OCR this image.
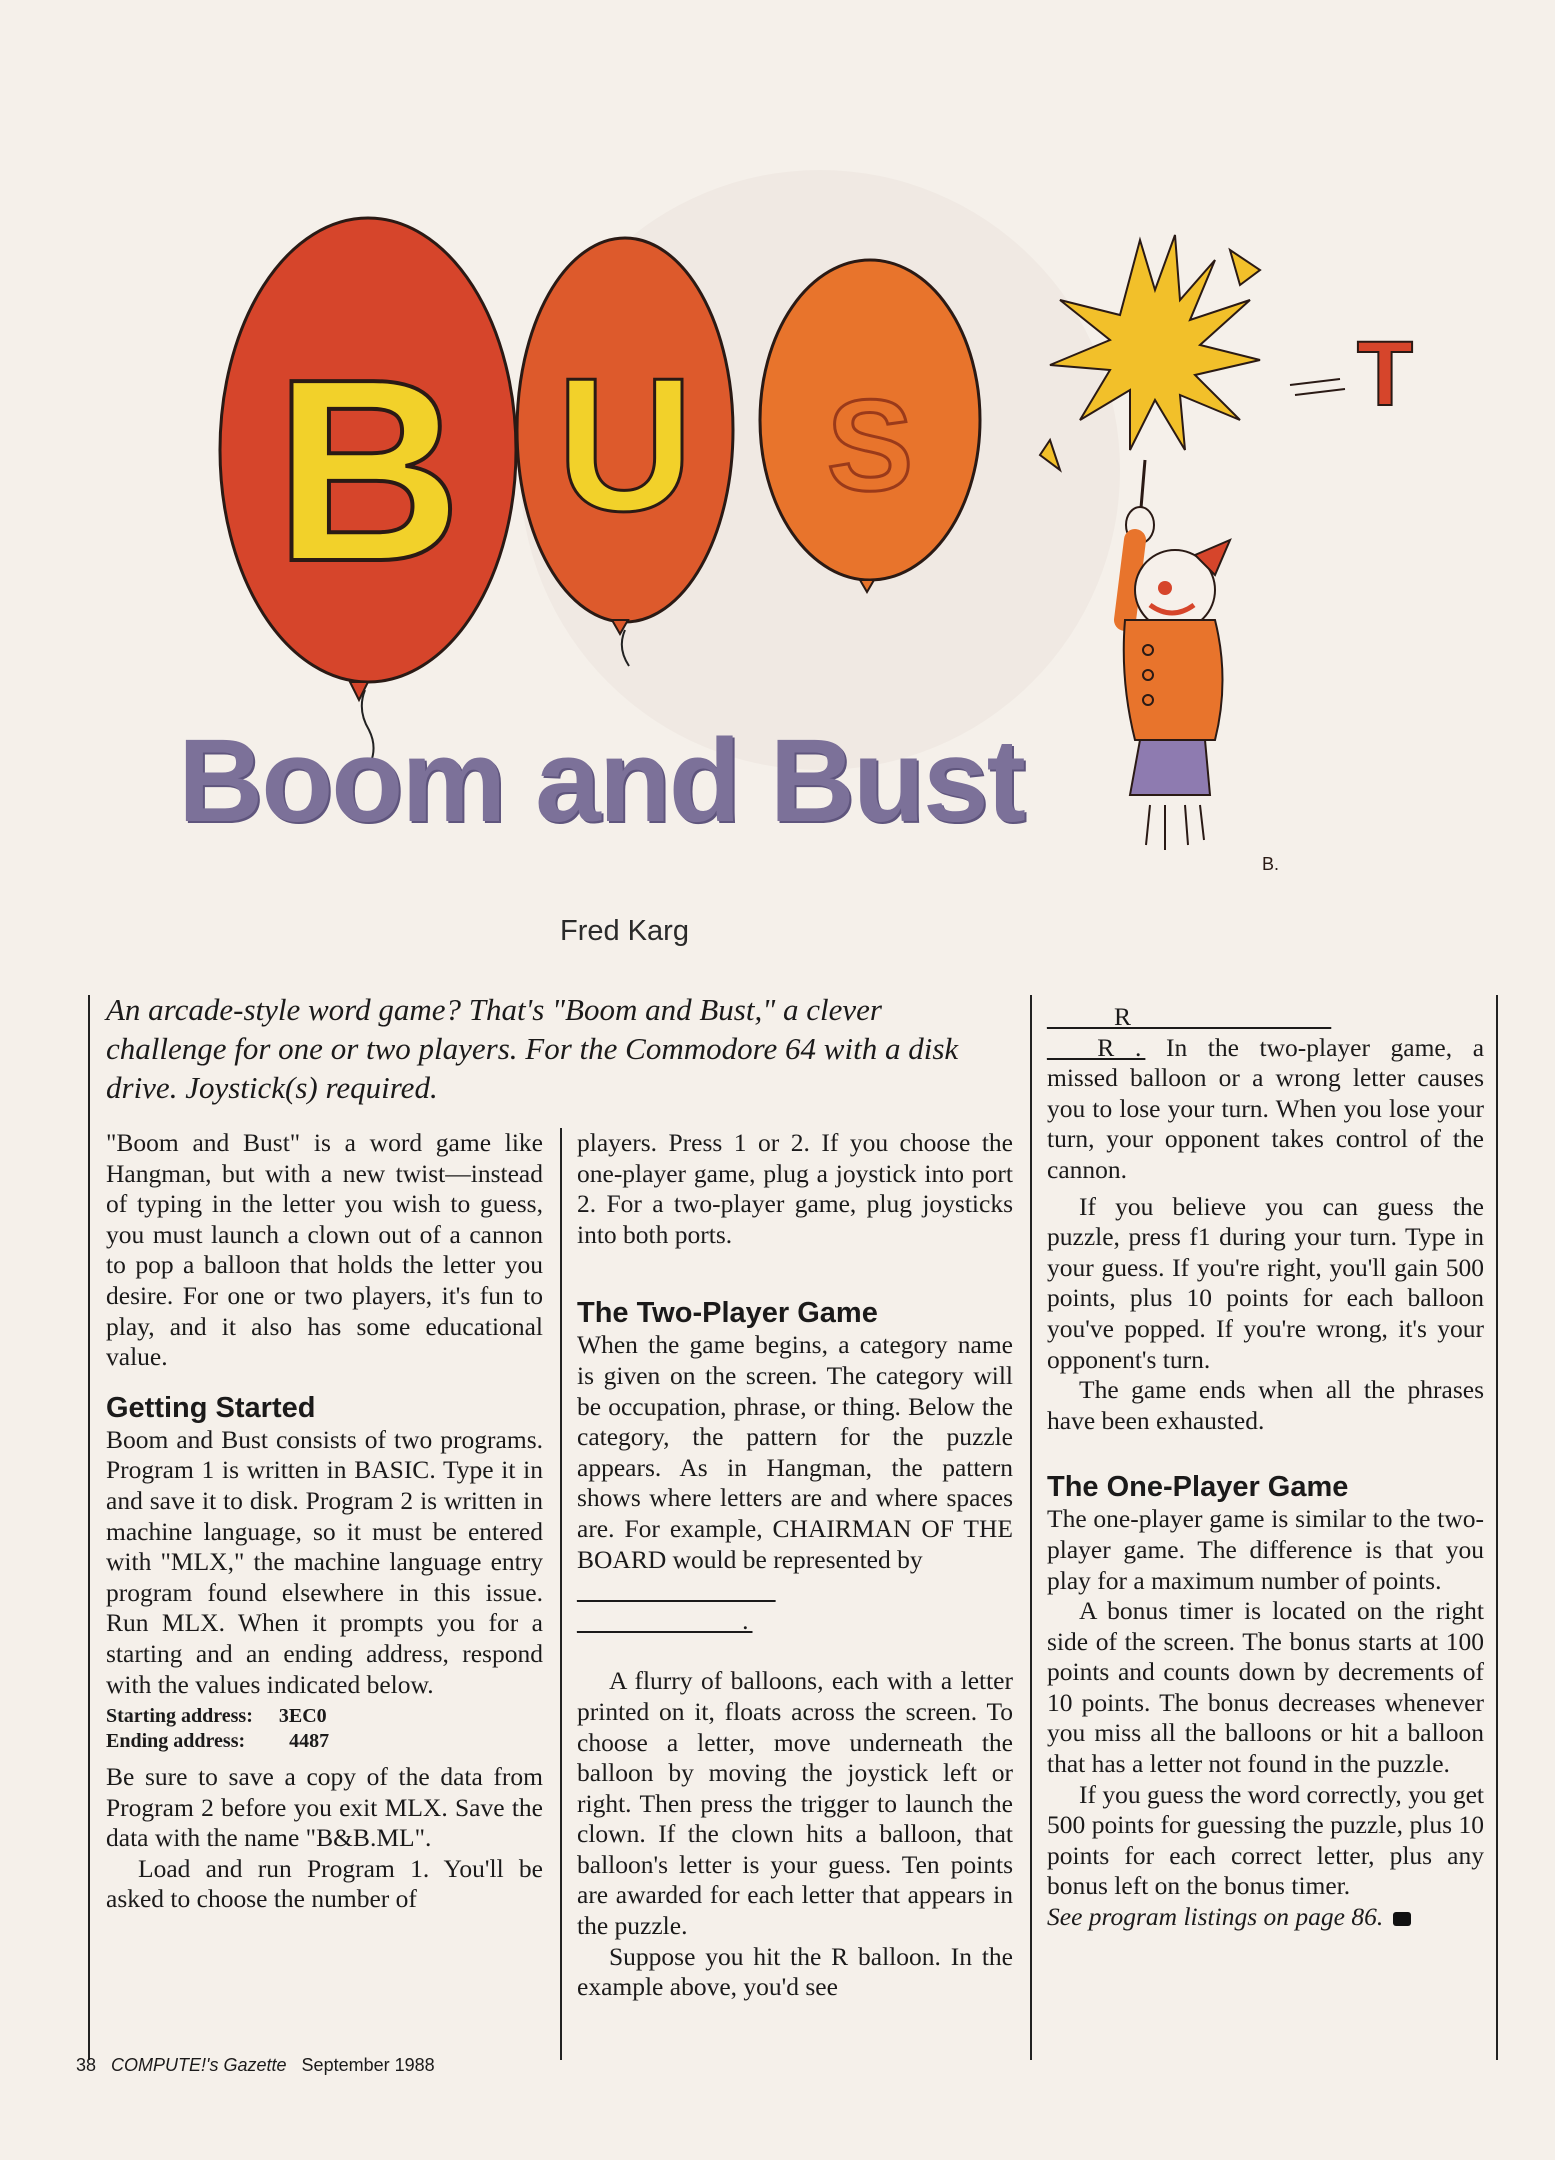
B U S	T
B.
Boom and Bust
Fred Karg
An arcade-style word game? That's "Boom and Bust," a clever challenge for one or two players. For the Commodore 64 with a disk drive. Joystick(s) required.

"Boom and Bust" is a word game like Hangman, but with a new twist—instead of typing in the letter you wish to guess, you must launch a clown out of a cannon to pop a balloon that holds the letter you desire. For one or two players, it's fun to play, and it also has some educational value.

Getting Started

Boom and Bust consists of two programs. Program 1 is written in BASIC. Type it in and save it to disk. Program 2 is written in machine language, so it must be entered with "MLX," the machine language entry program found elsewhere in this issue. Run MLX. When it prompts you for a starting and an ending address, respond with the values indicated below.

Starting address: 3EC0
Ending address: 4487

Be sure to save a copy of the data from Program 2 before you exit MLX. Save the data with the name "B&B.ML".

Load and run Program 1. You'll be asked to choose the number of

players. Press 1 or 2. If you choose the one-player game, plug a joystick into port 2. For a two-player game, plug joysticks into both ports.

The Two-Player Game

When the game begins, a category name is given on the screen. The category will be occupation, phrase, or thing. Below the category, the pattern for the puzzle appears. As in Hangman, the pattern shows where letters are and where spaces are. For example, CHAIRMAN OF THE BOARD would be represented by

________   __

___   _____.

A flurry of balloons, each with a letter printed on it, floats across the screen. To choose a letter, move underneath the balloon by moving the joystick left or right. Then press the trigger to launch the clown. If the clown hits a balloon, that balloon's letter is your guess. Ten points are awarded for each letter that appears in the puzzle.

Suppose you hit the R balloon. In the example above, you'd see

____R___   __   ___

___R_. In the two-player game, a missed balloon or a wrong letter causes you to lose your turn. When you lose your turn, your opponent takes control of the cannon.

If you believe you can guess the puzzle, press f1 during your turn. Type in your guess. If you're right, you'll gain 500 points, plus 10 points for each balloon you've popped. If you're wrong, it's your opponent's turn.

The game ends when all the phrases have been exhausted.

The One-Player Game

The one-player game is similar to the two-player game. The difference is that you play for a maximum number of points.

A bonus timer is located on the right side of the screen. The bonus starts at 100 points and counts down by decrements of 10 points. The bonus decreases whenever you miss all the balloons or hit a balloon that has a letter not found in the puzzle.

If you guess the word correctly, you get 500 points for guessing the puzzle, plus 10 points for each correct letter, plus any bonus left on the bonus timer.

See program listings on page 86.

38 COMPUTE!'s Gazette September 1988
